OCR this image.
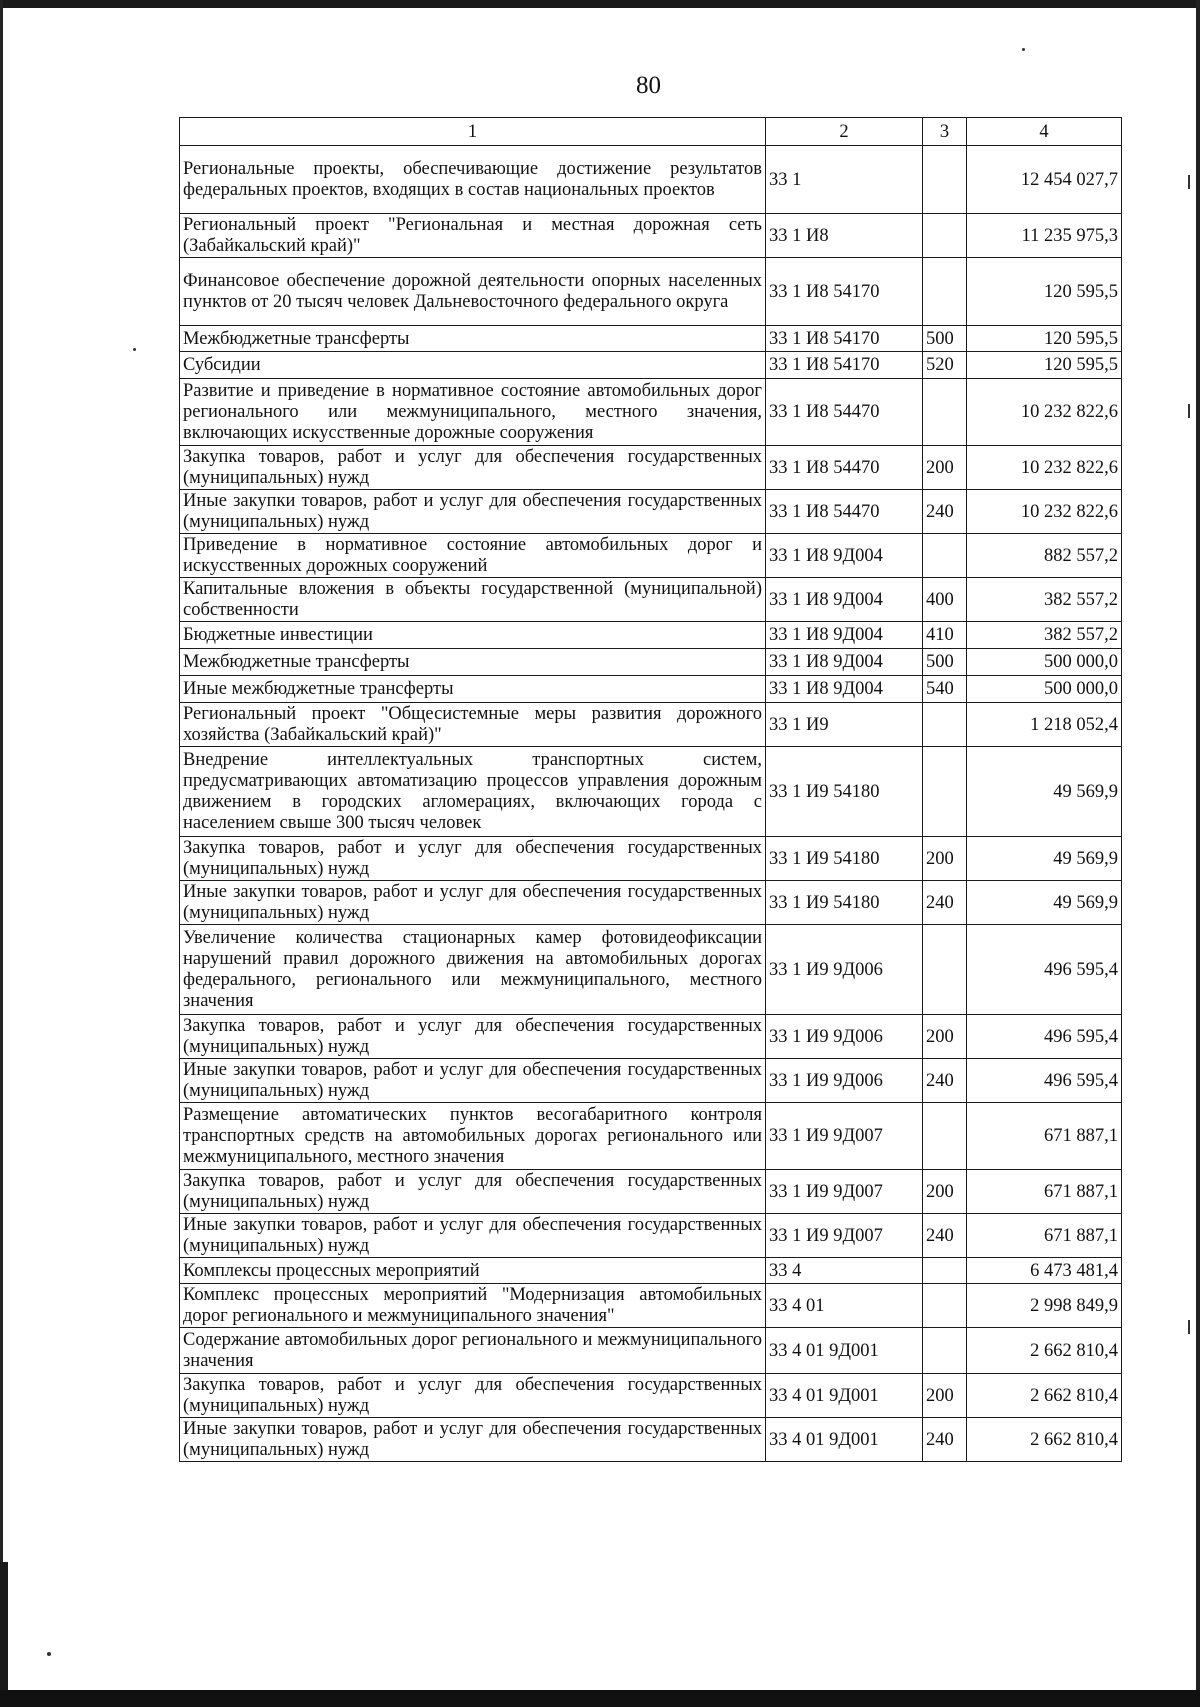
80
1	2	3	4
Региональные проекты, обеспечивающие достижение результатов федеральных проектов, входящих в состав национальных проектов	33 1		12 454 027,7
Региональный проект "Региональная и местная дорожная сеть (Забайкальский край)"	33 1 И8		11 235 975,3
Финансовое обеспечение дорожной деятельности опорных населенных пунктов от 20 тысяч человек Дальневосточного федерального округа	33 1 И8 54170		120 595,5
Межбюджетные трансферты	33 1 И8 54170	500	120 595,5
Субсидии	33 1 И8 54170	520	120 595,5
Развитие и приведение в нормативное состояние автомобильных дорог регионального или межмуниципального, местного значения, включающих искусственные дорожные сооружения	33 1 И8 54470		10 232 822,6
Закупка товаров, работ и услуг для обеспечения государственных (муниципальных) нужд	33 1 И8 54470	200	10 232 822,6
Иные закупки товаров, работ и услуг для обеспечения государственных (муниципальных) нужд	33 1 И8 54470	240	10 232 822,6
Приведение в нормативное состояние автомобильных дорог и искусственных дорожных сооружений	33 1 И8 9Д004		882 557,2
Капитальные вложения в объекты государственной (муниципальной) собственности	33 1 И8 9Д004	400	382 557,2
Бюджетные инвестиции	33 1 И8 9Д004	410	382 557,2
Межбюджетные трансферты	33 1 И8 9Д004	500	500 000,0
Иные межбюджетные трансферты	33 1 И8 9Д004	540	500 000,0
Региональный проект "Общесистемные меры развития дорожного хозяйства (Забайкальский край)"	33 1 И9		1 218 052,4
Внедрение интеллектуальных транспортных систем, предусматривающих автоматизацию процессов управления дорожным движением в городских агломерациях, включающих города с населением свыше 300 тысяч человек	33 1 И9 54180		49 569,9
Закупка товаров, работ и услуг для обеспечения государственных (муниципальных) нужд	33 1 И9 54180	200	49 569,9
Иные закупки товаров, работ и услуг для обеспечения государственных (муниципальных) нужд	33 1 И9 54180	240	49 569,9
Увеличение количества стационарных камер фотовидеофиксации нарушений правил дорожного движения на автомобильных дорогах федерального, регионального или межмуниципального, местного значения	33 1 И9 9Д006		496 595,4
Закупка товаров, работ и услуг для обеспечения государственных (муниципальных) нужд	33 1 И9 9Д006	200	496 595,4
Иные закупки товаров, работ и услуг для обеспечения государственных (муниципальных) нужд	33 1 И9 9Д006	240	496 595,4
Размещение автоматических пунктов весогабаритного контроля транспортных средств на автомобильных дорогах регионального или межмуниципального, местного значения	33 1 И9 9Д007		671 887,1
Закупка товаров, работ и услуг для обеспечения государственных (муниципальных) нужд	33 1 И9 9Д007	200	671 887,1
Иные закупки товаров, работ и услуг для обеспечения государственных (муниципальных) нужд	33 1 И9 9Д007	240	671 887,1
Комплексы процессных мероприятий	33 4		6 473 481,4
Комплекс процессных мероприятий "Модернизация автомобильных дорог регионального и межмуниципального значения"	33 4 01		2 998 849,9
Содержание автомобильных дорог регионального и межмуниципального значения	33 4 01 9Д001		2 662 810,4
Закупка товаров, работ и услуг для обеспечения государственных (муниципальных) нужд	33 4 01 9Д001	200	2 662 810,4
Иные закупки товаров, работ и услуг для обеспечения государственных (муниципальных) нужд	33 4 01 9Д001	240	2 662 810,4
